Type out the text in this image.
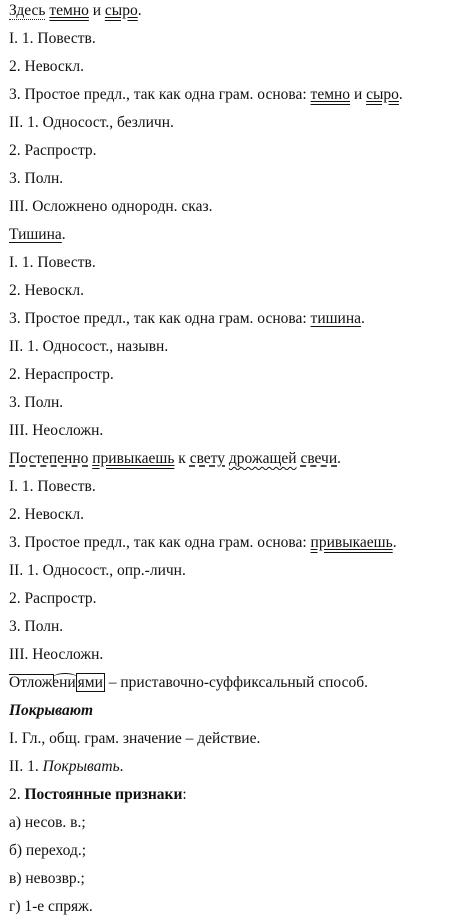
Здесь темно и сыро.
I. 1. Повеств.
2. Невоскл.
3. Простое предл., так как одна грам. основа: темно и сыро.
II. 1. Односост., безличн.
2. Распростр.
3. Полн.
III. Осложнено однородн. сказ.
Тишина.
I. 1. Повеств.
2. Невоскл.
3. Простое предл., так как одна грам. основа: тишина.
II. 1. Односост., назывн.
2. Нераспростр.
3. Полн.
III. Неосложн.
Постепенно привыкаешь к свету дрожащей свечи.
I. 1. Повеств.
2. Невоскл.
3. Простое предл., так как одна грам. основа: привыкаешь.
II. 1. Односост., опр.-личн.
2. Распростр.
3. Полн.
III. Неосложн.
Отложени ями – приставочно-суффиксальный способ.
Покрывают
I. Гл., общ. грам. значение – действие.
II. 1. Покрывать.
2. Постоянные признаки:
а) несов. в.;
б) переход.;
в) невозвр.;
г) 1-е спряж.
